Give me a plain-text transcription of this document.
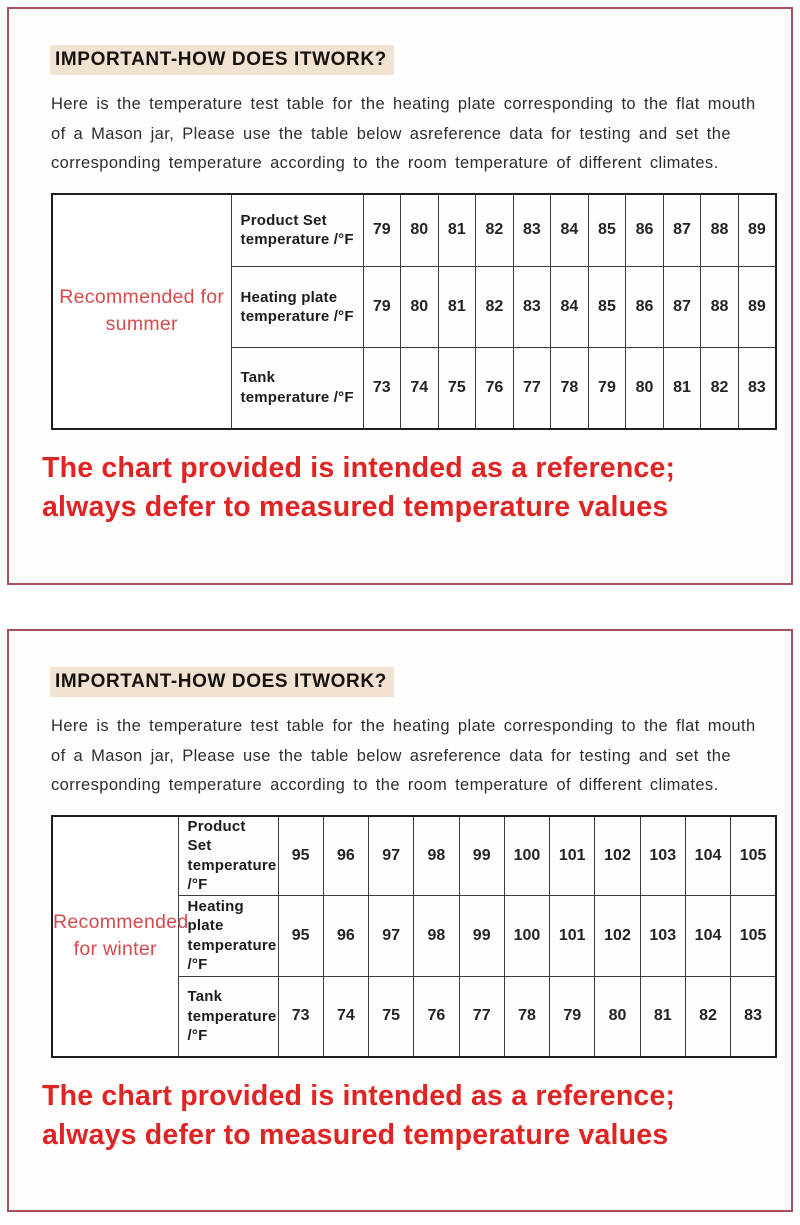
IMPORTANT-HOW DOES ITWORK?

Here is the temperature test table for the heating plate corresponding to the flat mouth of a Mason jar, Please use the table below asreference data for testing and set the corresponding temperature according to the room temperature of different climates.

Recommended for summer	Product Set temperature /°F	79	80	81	82	83	84	85	86	87	88	89
	Heating plate temperature /°F	79	80	81	82	83	84	85	86	87	88	89
	Tank temperature /°F	73	74	75	76	77	78	79	80	81	82	83
The chart provided is intended as a reference;
always defer to measured temperature values
IMPORTANT-HOW DOES ITWORK?

Here is the temperature test table for the heating plate corresponding to the flat mouth of a Mason jar, Please use the table below asreference data for testing and set the corresponding temperature according to the room temperature of different climates.

Recommended for winter	Product Set temperature /°F	95	96	97	98	99	100	101	102	103	104	105
	Heating plate temperature /°F	95	96	97	98	99	100	101	102	103	104	105
	Tank temperature /°F	73	74	75	76	77	78	79	80	81	82	83
The chart provided is intended as a reference;
always defer to measured temperature values
